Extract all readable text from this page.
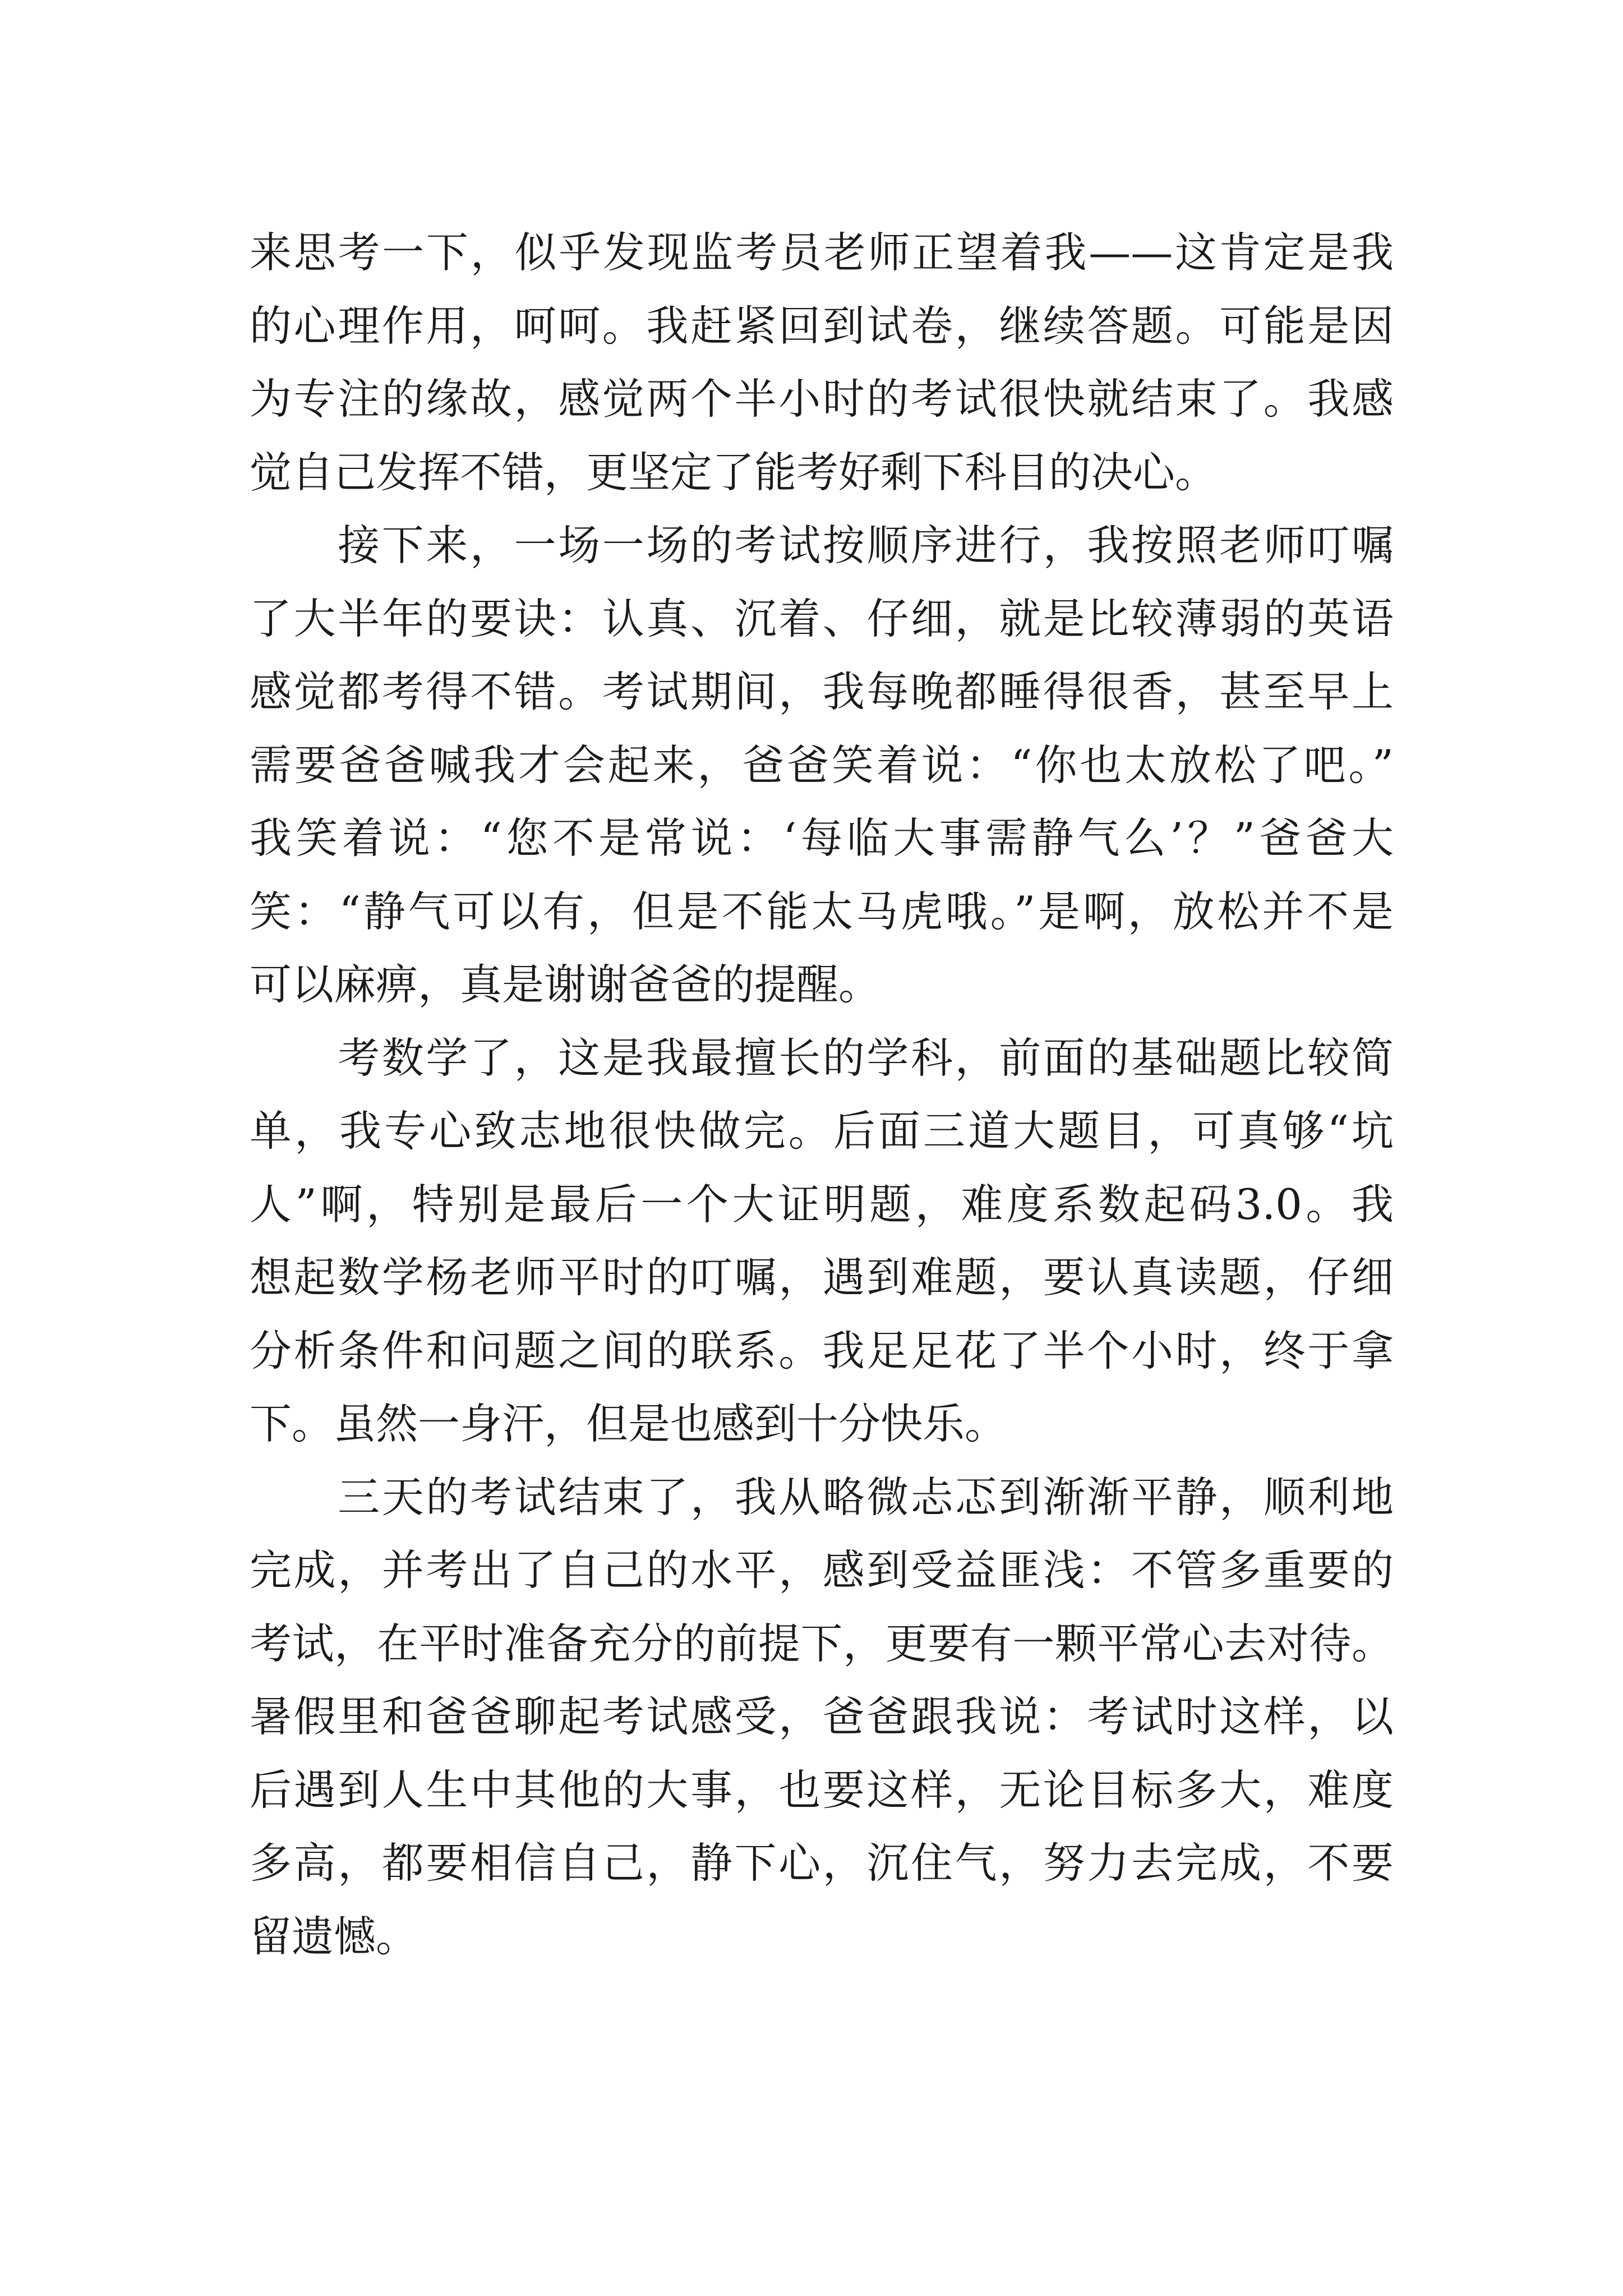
来思考一下，似乎发现监考员老师正望着我——这肯定是我
的心理作用，呵呵。我赶紧回到试卷，继续答题。可能是因
为专注的缘故，感觉两个半小时的考试很快就结束了。我感
觉自己发挥不错，更坚定了能考好剩下科目的决心。
　　接下来，一场一场的考试按顺序进行，我按照老师叮嘱
了大半年的要诀：认真、沉着、仔细，就是比较薄弱的英语
感觉都考得不错。考试期间，我每晚都睡得很香，甚至早上
需要爸爸喊我才会起来，爸爸笑着说：“你也太放松了吧。”
我笑着说：“您不是常说：‘每临大事需静气么’？”爸爸大
笑：“静气可以有，但是不能太马虎哦。”是啊，放松并不是
可以麻痹，真是谢谢爸爸的提醒。
　　考数学了，这是我最擅长的学科，前面的基础题比较简
单，我专心致志地很快做完。后面三道大题目，可真够“坑
人”啊，特别是最后一个大证明题，难度系数起码3.0。我
想起数学杨老师平时的叮嘱，遇到难题，要认真读题，仔细
分析条件和问题之间的联系。我足足花了半个小时，终于拿
下。虽然一身汗，但是也感到十分快乐。
　　三天的考试结束了，我从略微忐忑到渐渐平静，顺利地
完成，并考出了自己的水平，感到受益匪浅：不管多重要的
考试，在平时准备充分的前提下，更要有一颗平常心去对待。
暑假里和爸爸聊起考试感受，爸爸跟我说：考试时这样，以
后遇到人生中其他的大事，也要这样，无论目标多大，难度
多高，都要相信自己，静下心，沉住气，努力去完成，不要
留遗憾。
